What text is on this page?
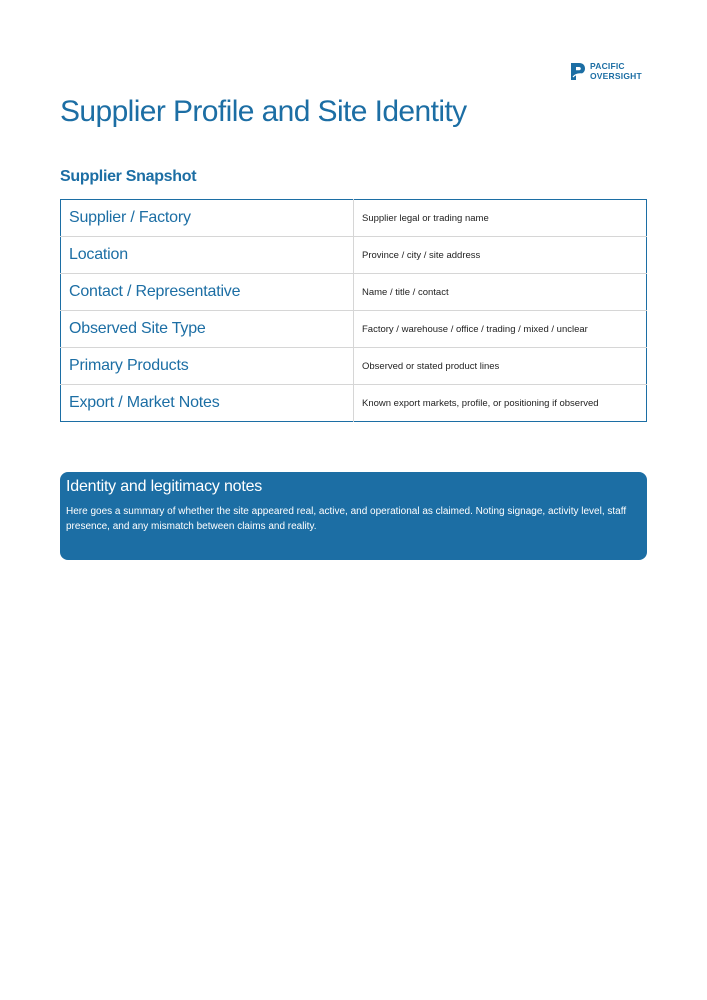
PACIFIC
OVERSIGHT
Supplier Profile and Site Identity
Supplier Snapshot
Supplier / Factory	Supplier legal or trading name
Location	Province / city / site address
Contact / Representative	Name / title / contact
Observed Site Type	Factory / warehouse / office / trading / mixed / unclear
Primary Products	Observed or stated product lines
Export / Market Notes	Known export markets, profile, or positioning if observed
Identity and legitimacy notes

Here goes a summary of whether the site appeared real, active, and operational as claimed. Noting signage, activity level, staff presence, and any mismatch between claims and reality.
